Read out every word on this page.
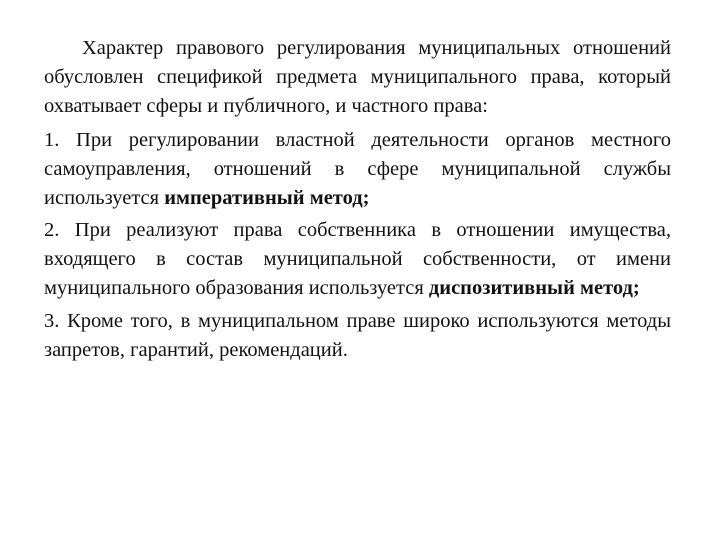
Характер правового регулирования муниципальных отношений обусловлен спецификой предмета муниципального права, который охватывает сферы и публичного, и частного права:

1. При регулировании властной деятельности органов местного самоуправления, отношений в сфере муниципальной службы используется императивный метод;

2. При реализуют права собственника в отношении имущества, входящего в состав муниципальной собственности, от имени муниципального образования используется диспозитивный метод;

3. Кроме того, в муниципальном праве широко используются методы запретов, гарантий, рекомендаций.
